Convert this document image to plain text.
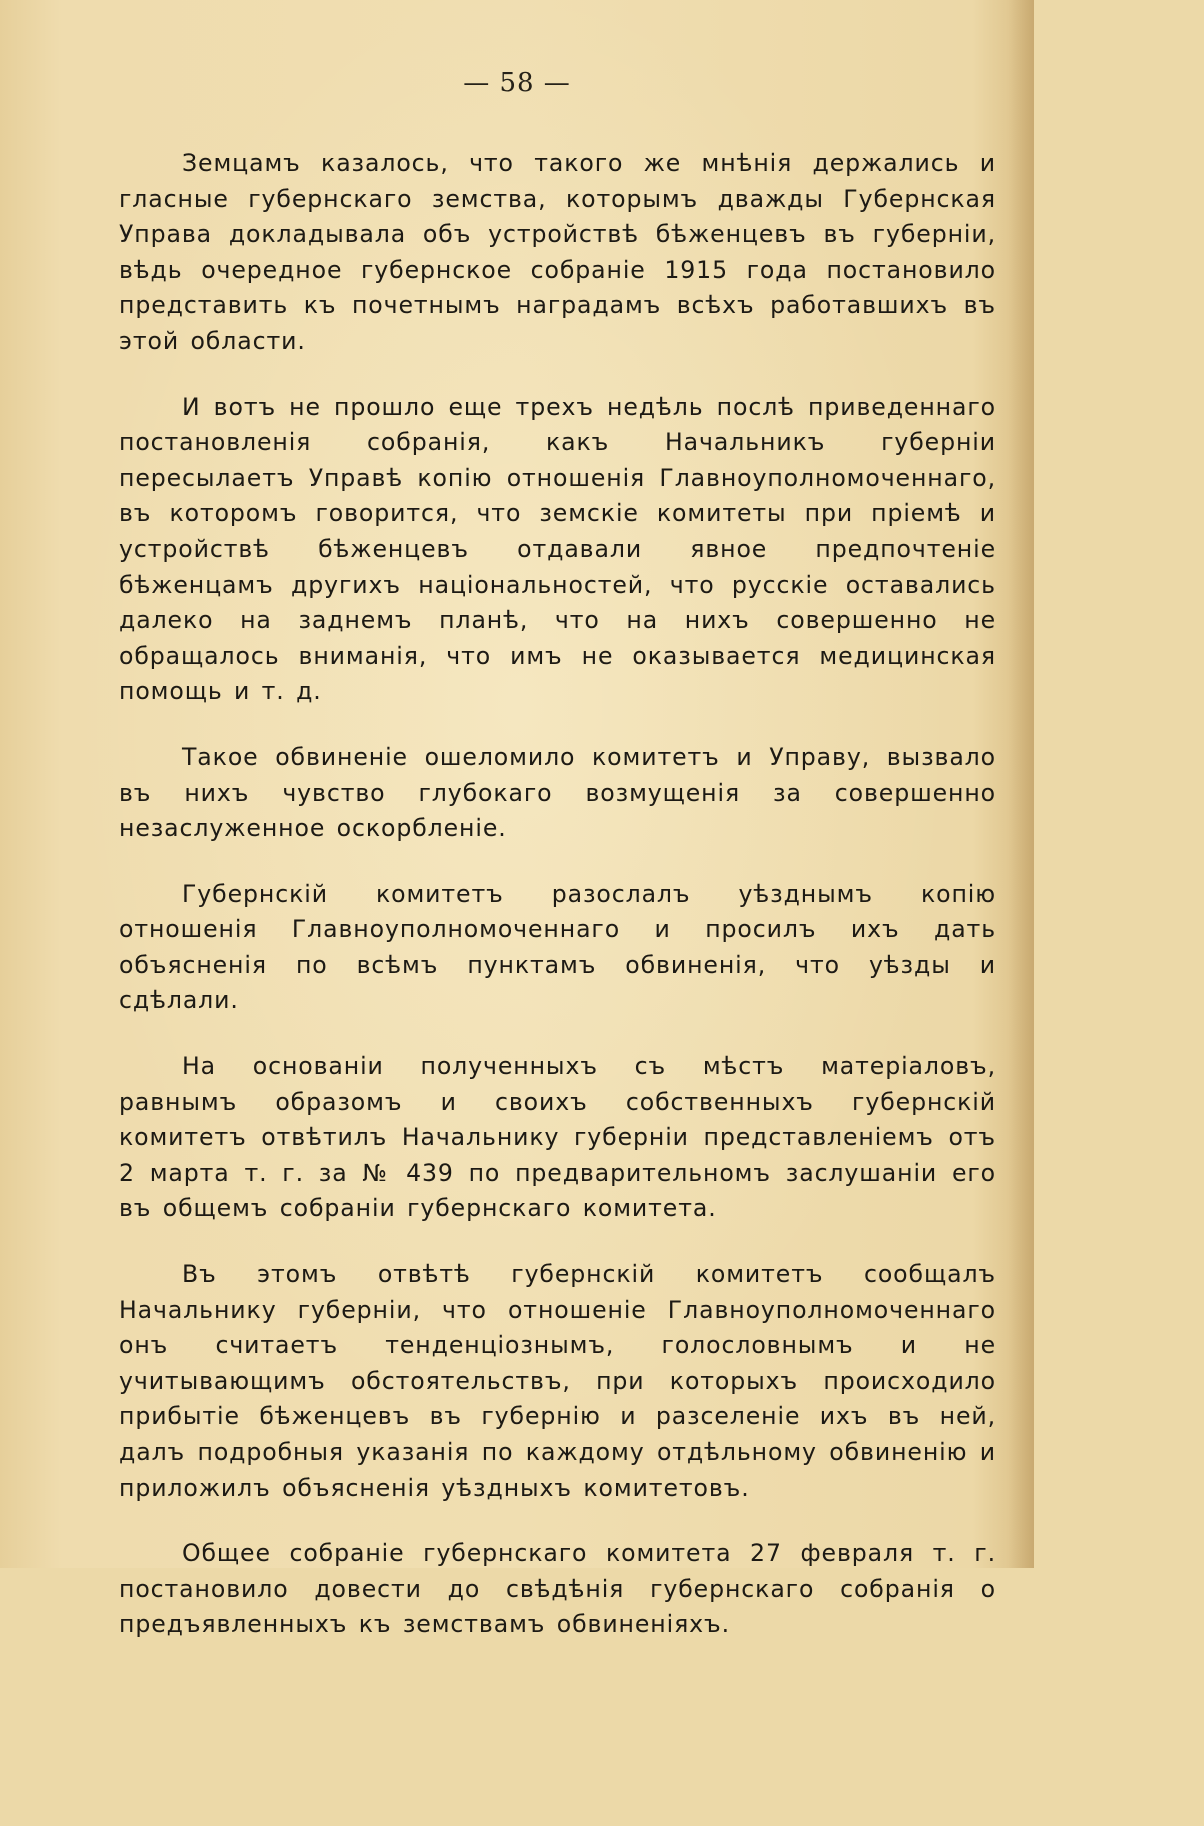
— 58 —

Земцамъ казалось, что такого же мнѣнія держались и гласные губернскаго земства, которымъ дважды Губернская Управа докладывала объ устройствѣ бѣженцевъ въ губерніи, вѣдь очередное губернское собраніе 1915 года постановило представить къ почетнымъ наградамъ всѣхъ работавшихъ въ этой области.

И вотъ не прошло еще трехъ недѣль послѣ приведеннаго постановленія собранія, какъ Начальникъ губерніи пересылаетъ Управѣ копію отношенія Главноуполномоченнаго, въ которомъ говорится, что земскіе комитеты при пріемѣ и устройствѣ бѣженцевъ отдавали явное предпочтеніе бѣженцамъ другихъ національностей, что русскіе оставались далеко на заднемъ планѣ, что на нихъ совершенно не обращалось вниманія, что имъ не оказывается медицинская помощь и т. д.

Такое обвиненіе ошеломило комитетъ и Управу, вызвало въ нихъ чувство глубокаго возмущенія за совершенно незаслуженное оскорбленіе.

Губернскій комитетъ разослалъ уѣзднымъ копію отношенія Главноуполномоченнаго и просилъ ихъ дать объясненія по всѣмъ пунктамъ обвиненія, что уѣзды и сдѣлали.

На основаніи полученныхъ съ мѣстъ матеріаловъ, равнымъ образомъ и своихъ собственныхъ губернскій комитетъ отвѣтилъ Начальнику губерніи представленіемъ отъ 2 марта т. г. за № 439 по предварительномъ заслушаніи его въ общемъ собраніи губернскаго комитета.

Въ этомъ отвѣтѣ губернскій комитетъ сообщалъ Начальнику губерніи, что отношеніе Главноуполномоченнаго онъ считаетъ тенденціознымъ, голословнымъ и не учитывающимъ обстоятельствъ, при которыхъ происходило прибытіе бѣженцевъ въ губернію и разселеніе ихъ въ ней, далъ подробныя указанія по каждому отдѣльному обвиненію и приложилъ объясненія уѣздныхъ комитетовъ.

Общее собраніе губернскаго комитета 27 февраля т. г. постановило довести до свѣдѣнія губернскаго собранія о предъявленныхъ къ земствамъ обвиненіяхъ.
